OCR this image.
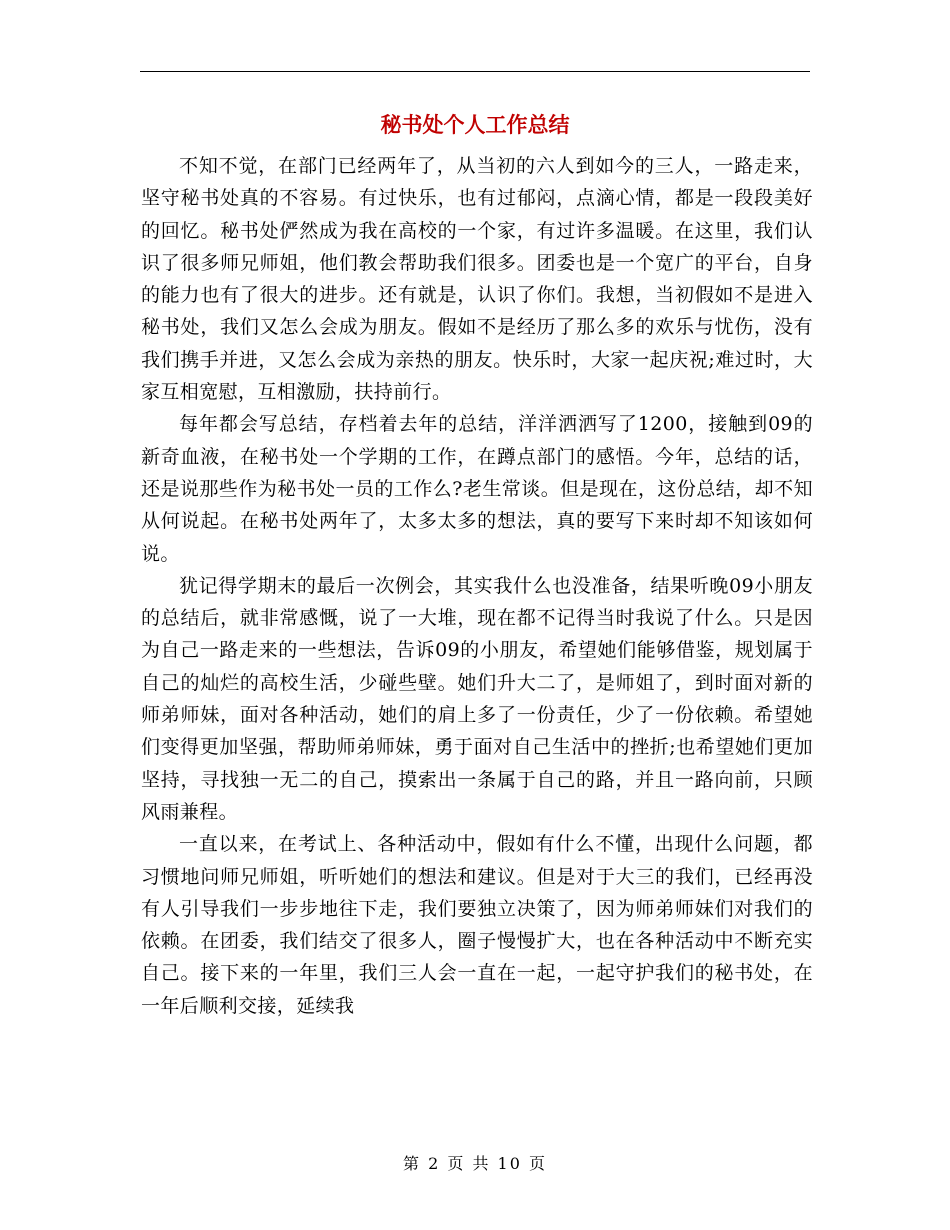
秘书处个人工作总结

不知不觉，在部门已经两年了，从当初的六人到如今的三人，一路走来，坚守秘书处真的不容易。有过快乐，也有过郁闷，点滴心情，都是一段段美好的回忆。秘书处俨然成为我在高校的一个家，有过许多温暖。在这里，我们认识了很多师兄师姐，他们教会帮助我们很多。团委也是一个宽广的平台，自身的能力也有了很大的进步。还有就是，认识了你们。我想，当初假如不是进入秘书处，我们又怎么会成为朋友。假如不是经历了那么多的欢乐与忧伤，没有我们携手并进，又怎么会成为亲热的朋友。快乐时，大家一起庆祝;难过时，大家互相宽慰，互相激励，扶持前行。

每年都会写总结，存档着去年的总结，洋洋洒洒写了1200，接触到09的新奇血液，在秘书处一个学期的工作，在蹲点部门的感悟。今年，总结的话，还是说那些作为秘书处一员的工作么?老生常谈。但是现在，这份总结，却不知从何说起。在秘书处两年了，太多太多的想法，真的要写下来时却不知该如何说。

犹记得学期末的最后一次例会，其实我什么也没准备，结果听晚09小朋友的总结后，就非常感慨，说了一大堆，现在都不记得当时我说了什么。只是因为自己一路走来的一些想法，告诉09的小朋友，希望她们能够借鉴，规划属于自己的灿烂的高校生活，少碰些壁。她们升大二了，是师姐了，到时面对新的师弟师妹，面对各种活动，她们的肩上多了一份责任，少了一份依赖。希望她们变得更加坚强，帮助师弟师妹，勇于面对自己生活中的挫折;也希望她们更加坚持，寻找独一无二的自己，摸索出一条属于自己的路，并且一路向前，只顾风雨兼程。

一直以来，在考试上、各种活动中，假如有什么不懂，出现什么问题，都习惯地问师兄师姐，听听她们的想法和建议。但是对于大三的我们，已经再没有人引导我们一步步地往下走，我们要独立决策了，因为师弟师妹们对我们的依赖。在团委，我们结交了很多人，圈子慢慢扩大，也在各种活动中不断充实自己。接下来的一年里，我们三人会一直在一起，一起守护我们的秘书处，在一年后顺利交接，延续我

第 2 页 共 10 页
